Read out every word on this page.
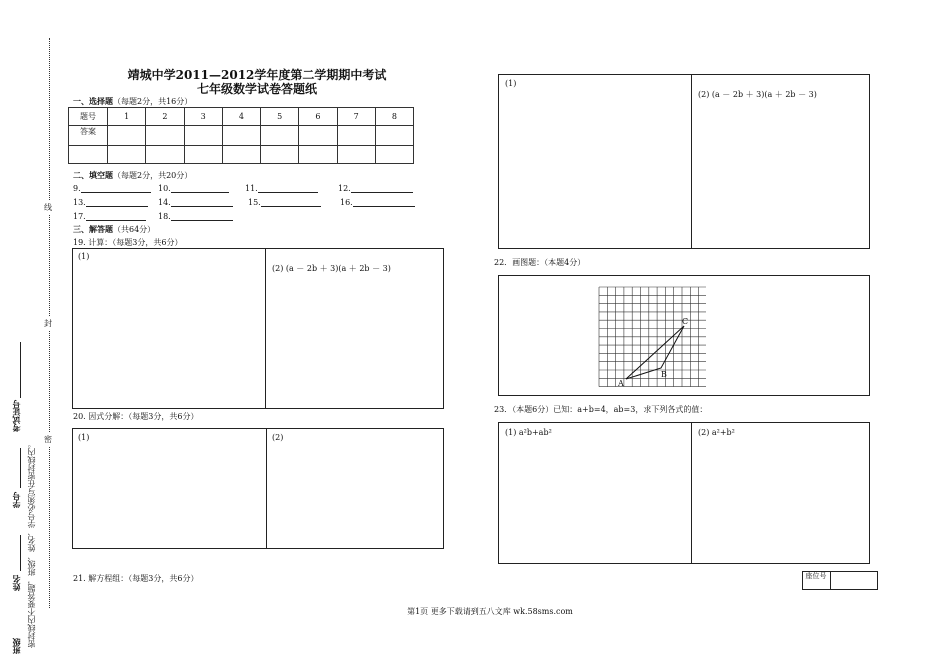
线
封
密
考试证号
学号
姓名
班级 密封线内不要答题，班级、姓名、学号必须写在密封线内。
靖城中学2011—2012学年度第二学期期中考试
七年级数学试卷答题纸
一、选择题（每题2分，共16分）
题号	1	2	3	4	5	6	7	8
答案								

二、填空题（每题2分，共20分）
9.	10.	11.	12.
13.	14.	15.	16.
17.	18.
三、解答题（共64分）
19. 计算：（每题3分，共6分）
(1)
(2) (a － 2b ＋ 3)(a ＋ 2b － 3)
20. 因式分解：（每题3分，共6分）
(1)	(2)
21. 解方程组：（每题3分，共6分）
(1)
(2) (a － 2b ＋ 3)(a ＋ 2b － 3)
22．画图题：（本题4分）
A
B
C
23．（本题6分）已知：a+b=4，ab=3，求下列各式的值：
(1) a²b+ab²	(2) a²+b²
座位号
第1页 更多下载请到五八文库 wk.58sms.com
